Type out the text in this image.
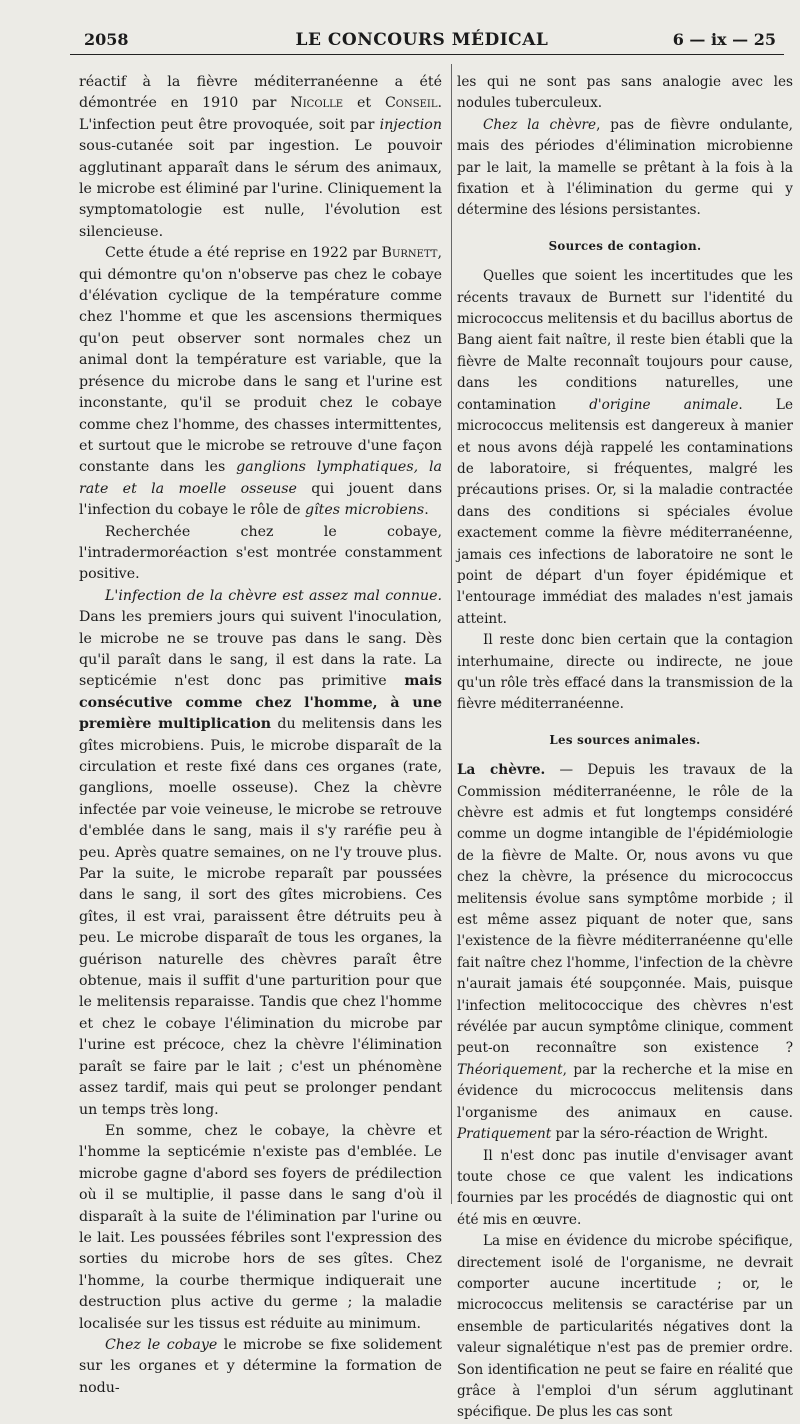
2058	LE CONCOURS MÉDICAL	6 — ix — 25

réactif à la fièvre méditerranéenne a été démontrée en 1910 par Nicolle et Conseil. L'infection peut être provoquée, soit par injection sous-cutanée soit par ingestion. Le pouvoir agglutinant apparaît dans le sérum des animaux, le microbe est éliminé par l'urine. Cliniquement la symptomatologie est nulle, l'évolution est silencieuse.

Cette étude a été reprise en 1922 par Burnett, qui démontre qu'on n'observe pas chez le cobaye d'élévation cyclique de la température comme chez l'homme et que les ascensions thermiques qu'on peut observer sont normales chez un animal dont la température est variable, que la présence du microbe dans le sang et l'urine est inconstante, qu'il se produit chez le cobaye comme chez l'homme, des chasses intermittentes, et surtout que le microbe se retrouve d'une façon constante dans les ganglions lymphatiques, la rate et la moelle osseuse qui jouent dans l'infection du cobaye le rôle de gîtes microbiens.

Recherchée chez le cobaye, l'intradermoréaction s'est montrée constamment positive.

L'infection de la chèvre est assez mal connue. Dans les premiers jours qui suivent l'inoculation, le microbe ne se trouve pas dans le sang. Dès qu'il paraît dans le sang, il est dans la rate. La septicémie n'est donc pas primitive mais consécutive comme chez l'homme, à une première multiplication du melitensis dans les gîtes microbiens. Puis, le microbe disparaît de la circulation et reste fixé dans ces organes (rate, ganglions, moelle osseuse). Chez la chèvre infectée par voie veineuse, le microbe se retrouve d'emblée dans le sang, mais il s'y raréfie peu à peu. Après quatre semaines, on ne l'y trouve plus. Par la suite, le microbe reparaît par poussées dans le sang, il sort des gîtes microbiens. Ces gîtes, il est vrai, paraissent être détruits peu à peu. Le microbe disparaît de tous les organes, la guérison naturelle des chèvres paraît être obtenue, mais il suffit d'une parturition pour que le melitensis reparaisse. Tandis que chez l'homme et chez le cobaye l'élimination du microbe par l'urine est précoce, chez la chèvre l'élimination paraît se faire par le lait ; c'est un phénomène assez tardif, mais qui peut se prolonger pendant un temps très long.

En somme, chez le cobaye, la chèvre et l'homme la septicémie n'existe pas d'emblée. Le microbe gagne d'abord ses foyers de prédilection où il se multiplie, il passe dans le sang d'où il disparaît à la suite de l'élimination par l'urine ou le lait. Les poussées fébriles sont l'expression des sorties du microbe hors de ses gîtes. Chez l'homme, la courbe thermique indiquerait une destruction plus active du germe ; la maladie localisée sur les tissus est réduite au minimum.

Chez le cobaye le microbe se fixe solidement sur les organes et y détermine la formation de nodu-

les qui ne sont pas sans analogie avec les nodules tuberculeux.

Chez la chèvre, pas de fièvre ondulante, mais des périodes d'élimination microbienne par le lait, la mamelle se prêtant à la fois à la fixation et à l'élimination du germe qui y détermine des lésions persistantes.

Sources de contagion.

Quelles que soient les incertitudes que les récents travaux de Burnett sur l'identité du micrococcus melitensis et du bacillus abortus de Bang aient fait naître, il reste bien établi que la fièvre de Malte reconnaît toujours pour cause, dans les conditions naturelles, une contamination d'origine animale. Le micrococcus melitensis est dangereux à manier et nous avons déjà rappelé les contaminations de laboratoire, si fréquentes, malgré les précautions prises. Or, si la maladie contractée dans des conditions si spéciales évolue exactement comme la fièvre méditerranéenne, jamais ces infections de laboratoire ne sont le point de départ d'un foyer épidémique et l'entourage immédiat des malades n'est jamais atteint.

Il reste donc bien certain que la contagion interhumaine, directe ou indirecte, ne joue qu'un rôle très effacé dans la transmission de la fièvre méditerranéenne.

Les sources animales.

La chèvre. — Depuis les travaux de la Commission méditerranéenne, le rôle de la chèvre est admis et fut longtemps considéré comme un dogme intangible de l'épidémiologie de la fièvre de Malte. Or, nous avons vu que chez la chèvre, la présence du micrococcus melitensis évolue sans symptôme morbide ; il est même assez piquant de noter que, sans l'existence de la fièvre méditerranéenne qu'elle fait naître chez l'homme, l'infection de la chèvre n'aurait jamais été soupçonnée. Mais, puisque l'infection melitococcique des chèvres n'est révélée par aucun symptôme clinique, comment peut-on reconnaître son existence ? Théoriquement, par la recherche et la mise en évidence du micrococcus melitensis dans l'organisme des animaux en cause. Pratiquement par la séro-réaction de Wright.

Il n'est donc pas inutile d'envisager avant toute chose ce que valent les indications fournies par les procédés de diagnostic qui ont été mis en œuvre.

La mise en évidence du microbe spécifique, directement isolé de l'organisme, ne devrait comporter aucune incertitude ; or, le micrococcus melitensis se caractérise par un ensemble de particularités négatives dont la valeur signalétique n'est pas de premier ordre. Son identification ne peut se faire en réalité que grâce à l'emploi d'un sérum agglutinant spécifique. De plus les cas sont
